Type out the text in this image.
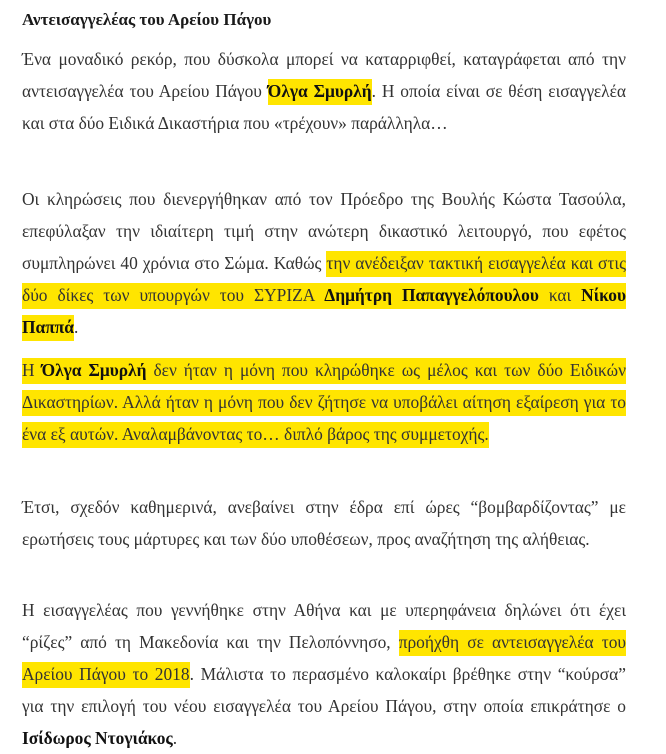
Αντεισαγγελέας του Αρείου Πάγου

Ένα μοναδικό ρεκόρ, που δύσκολα μπορεί να καταρριφθεί, καταγράφεται από την αντεισαγγελέα του Αρείου Πάγου Όλγα Σμυρλή. Η οποία είναι σε θέση εισαγγελέα και στα δύο Ειδικά Δικαστήρια που «τρέχουν» παράλληλα…

Οι κληρώσεις που διενεργήθηκαν από τον Πρόεδρο της Βουλής Κώστα Τασούλα, επεφύλαξαν την ιδιαίτερη τιμή στην ανώτερη δικαστικό λειτουργό, που εφέτος συμπληρώνει 40 χρόνια στο Σώμα. Καθώς την ανέδειξαν τακτική εισαγγελέα και στις δύο δίκες των υπουργών του ΣΥΡΙΖΑ Δημήτρη Παπαγγελόπουλου και Νίκου Παππά.

Η Όλγα Σμυρλή δεν ήταν η μόνη που κληρώθηκε ως μέλος και των δύο Ειδικών Δικαστηρίων. Αλλά ήταν η μόνη που δεν ζήτησε να υποβάλει αίτηση εξαίρεση για το ένα εξ αυτών. Αναλαμβάνοντας το… διπλό βάρος της συμμετοχής.

Έτσι, σχεδόν καθημερινά, ανεβαίνει στην έδρα επί ώρες “βομβαρδίζοντας” με ερωτήσεις τους μάρτυρες και των δύο υποθέσεων, προς αναζήτηση της αλήθειας.

Η εισαγγελέας που γεννήθηκε στην Αθήνα και με υπερηφάνεια δηλώνει ότι έχει “ρίζες” από τη Μακεδονία και την Πελοπόννησο, προήχθη σε αντεισαγγελέα του Αρείου Πάγου το 2018. Μάλιστα το περασμένο καλοκαίρι βρέθηκε στην “κούρσα” για την επιλογή του νέου εισαγγελέα του Αρείου Πάγου, στην οποία επικράτησε ο Ισίδωρος Ντογιάκος.
